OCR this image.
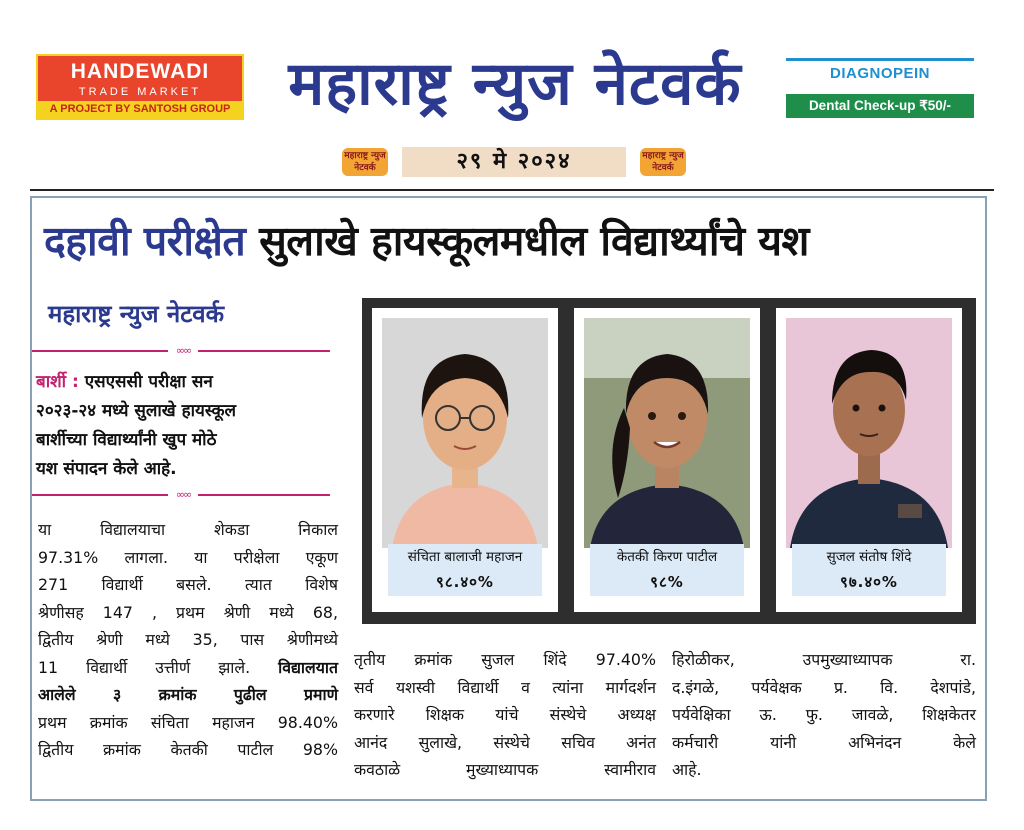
HANDEWADI
TRADE MARKET
A PROJECT BY SANTOSH GROUP महाराष्ट्र न्युज नेटवर्क	DIAGNOPEIN
Dental Check-up ₹50/-
महाराष्ट्र न्युज नेटवर्क	२९ मे २०२४	महाराष्ट्र न्युज नेटवर्क
दहावी परीक्षेत सुलाखे हायस्कूलमधील विद्यार्थ्यांचे यश
महाराष्ट्र न्युज नेटवर्क
∞∞
बार्शी : एसएससी परीक्षा सन
२०२३-२४ मध्ये सुलाखे हायस्कूल
बार्शीच्या विद्यार्थ्यांनी खुप मोठे
यश संपादन केले आहे.
∞∞
या विद्यालयाचा शेकडा निकाल
97.31% लागला. या परीक्षेला एकूण
271 विद्यार्थी बसले. त्यात विशेष
श्रेणीसह 147 , प्रथम श्रेणी मध्ये 68,
द्वितीय श्रेणी मध्ये 35, पास श्रेणीमध्ये
11 विद्यार्थी उत्तीर्ण झाले. विद्यालयात
आलेले ३ क्रमांक पुढील प्रमाणे
प्रथम क्रमांक संचिता महाजन 98.40%
द्वितीय क्रमांक केतकी पाटील 98%
संचिता बालाजी महाजन
९८.४०%
केतकी किरण पाटील
९८%
सुजल संतोष शिंदे
९७.४०%
तृतीय क्रमांक सुजल शिंदे 97.40%
सर्व यशस्वी विद्यार्थी व त्यांना मार्गदर्शन
करणारे शिक्षक यांचे संस्थेचे अध्यक्ष
आनंद सुलाखे, संस्थेचे सचिव अनंत
कवठाळे मुख्याध्यापक स्वामीराव
हिरोळीकर, उपमुख्याध्यापक रा.
द.इंगळे, पर्यवेक्षक प्र. वि. देशपांडे,
पर्यवेक्षिका ऊ. फु. जावळे, शिक्षकेतर
कर्मचारी यांनी अभिनंदन केले
आहे.
